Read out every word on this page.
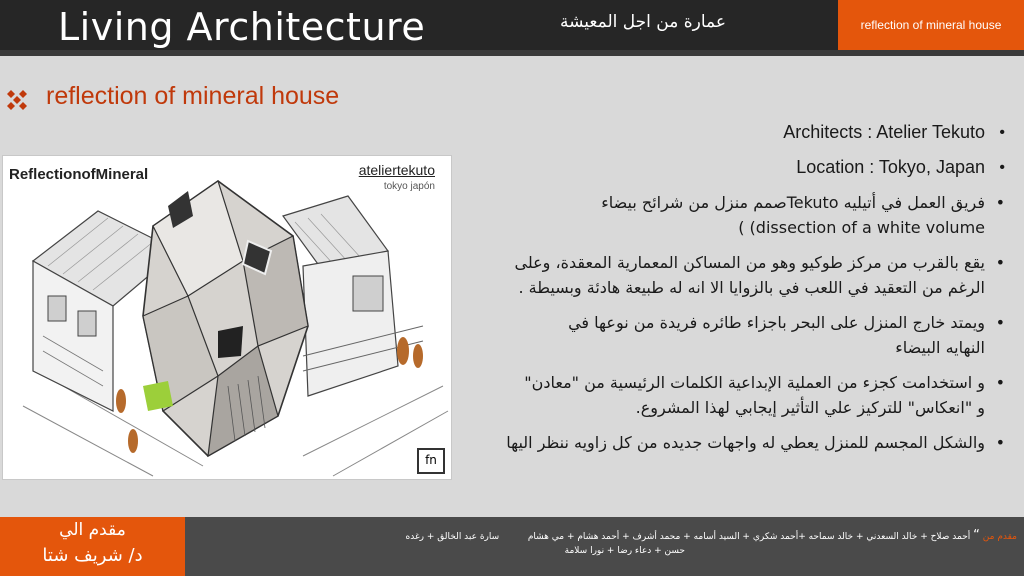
Living Architecture	عمارة من اجل المعيشة	reflection of mineral house
reflection of mineral house
ReflectionofMineral	ateliertekuto
tokyo japón
fn
•
Architects : Atelier Tekuto
•
Location : Tokyo, Japan
•
فريق العمل في أتيليه Tekutoصمم منزل من شرائح بيضاء
dissection of a white volume) )
•
يقع بالقرب من مركز طوكيو وهو من المساكن المعمارية المعقدة، وعلى
الرغم من التعقيد في اللعب في بالزوايا الا انه له طبيعة هادئة وبسيطة .
•
ويمتد خارج المنزل على البحر باجزاء طائره فريدة من نوعها في
النهايه البيضاء
•
و استخدامت كجزء من العملية الإبداعية الكلمات الرئيسية من "معادن"
و "انعكاس" للتركيز علي التأثير إيجابي لهذا المشروع.
•
والشكل المجسم للمنزل يعطي له واجهات جديده من كل زاويه ننظر اليها
مقدم الي
د/ شريف شتا
مقدم من “ أحمد صلاح + خالد السعدني + خالد سماحه +أحمد شكري + السيد أسامه + محمد أشرف + أحمد هشام + مي هشام          سارة عبد الخالق + رغده
حسن + دعاء رضا + نورا سلامة
